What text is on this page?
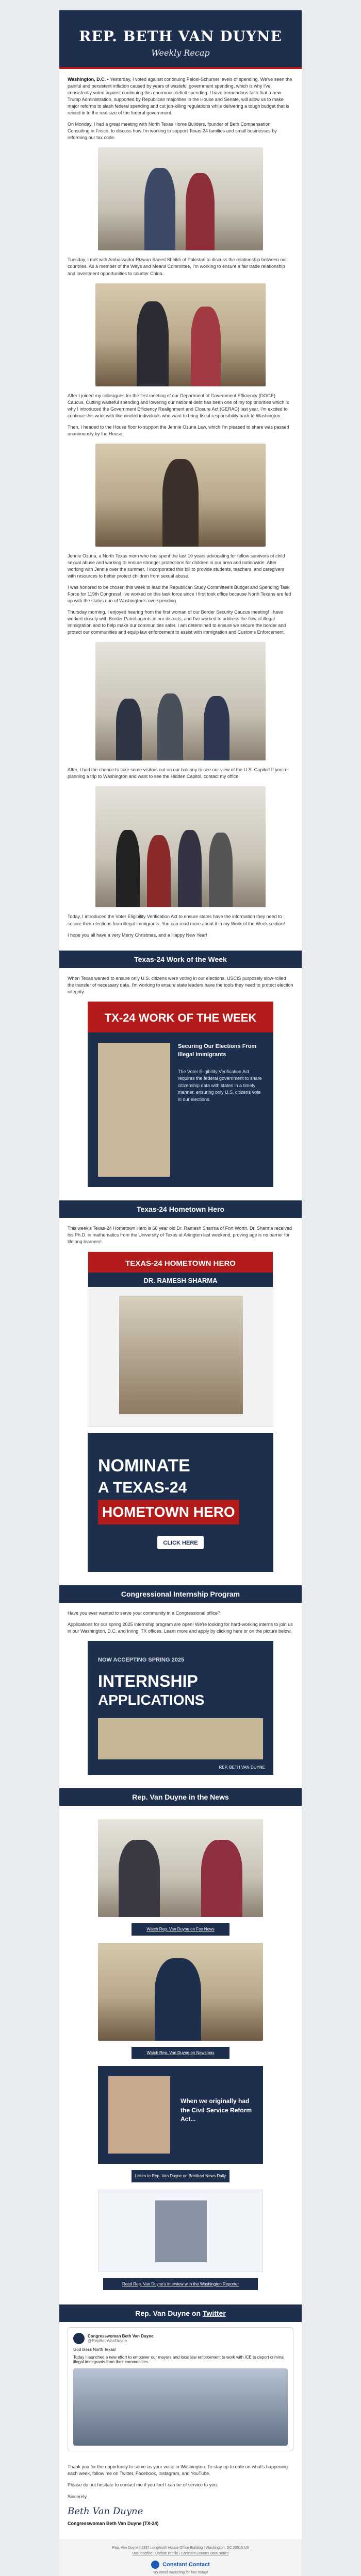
REP. BETH VAN DUYNE
Weekly Recap

Washington, D.C. - Yesterday, I voted against continuing Pelosi-Schumer levels of spending. We've seen the painful and persistent inflation caused by years of wasteful government spending, which is why I've consistently voted against continuing this enormous deficit spending. I have tremendous faith that a new Trump Administration, supported by Republican majorities in the House and Senate, will allow us to make major reforms to slash federal spending and cut job-killing regulations while delivering a tough budget that is reined in to the real size of the federal government.

On Monday, I had a great meeting with North Texas Home Builders, founder of Beth Compensation Consulting in Frisco, to discuss how I'm working to support Texas-24 families and small businesses by reforming our tax code.

Tuesday, I met with Ambassador Rizwan Saeed Sheikh of Pakistan to discuss the relationship between our countries. As a member of the Ways and Means Committee, I'm working to ensure a fair trade relationship and investment opportunities to counter China.

After I joined my colleagues for the first meeting of our Department of Government Efficiency (DOGE) Caucus. Cutting wasteful spending and lowering our national debt has been one of my top priorities which is why I introduced the Government Efficiency Realignment and Closure Act (GERAC) last year. I'm excited to continue this work with likeminded individuals who want to bring fiscal responsibility back to Washington.

Then, I headed to the House floor to support the Jennie Ozuna Law, which I'm pleased to share was passed unanimously by the House.

Jennie Ozuna, a North Texas mom who has spent the last 10 years advocating for fellow survivors of child sexual abuse and working to ensure stronger protections for children in our area and nationwide. After working with Jennie over the summer, I incorporated this bill to provide students, teachers, and caregivers with resources to better protect children from sexual abuse.

I was honored to be chosen this week to lead the Republican Study Committee's Budget and Spending Task Force for 119th Congress! I've worked on this task force since I first took office because North Texans are fed up with the status quo of Washington's overspending.

Thursday morning, I enjoyed hearing from the first woman of our Border Security Caucus meeting! I have worked closely with Border Patrol agents in our districts, and I've worked to address the flow of illegal immigration and to help make our communities safer. I am determined to ensure we secure the border and protect our communities and equip law enforcement to assist with immigration and Customs Enforcement.

After, I had the chance to take some visitors out on our balcony to see our view of the U.S. Capitol! If you're planning a trip to Washington and want to see the Hidden Capitol, contact my office!

Today, I introduced the Voter Eligibility Verification Act to ensure states have the information they need to secure their elections from illegal immigrants. You can read more about it in my Work of the Week section!

I hope you all have a very Merry Christmas, and a Happy New Year!

Texas-24 Work of the Week

When Texas wanted to ensure only U.S. citizens were voting in our elections, USCIS purposely slow-rolled the transfer of necessary data. I'm working to ensure state leaders have the tools they need to protect election integrity.

TX-24 WORK OF THE WEEK
Securing Our Elections From Illegal Immigrants
The Voter Eligibility Verification Act requires the federal government to share citizenship data with states in a timely manner, ensuring only U.S. citizens vote in our elections.
Texas-24 Hometown Hero

This week's Texas-24 Hometown Hero is 68 year old Dr. Ramesh Sharma of Fort Worth. Dr. Sharma received his Ph.D. in mathematics from the University of Texas at Arlington last weekend, proving age is no barrier for lifelong learners!

TEXAS-24 HOMETOWN HERO
DR. RAMESH SHARMA
NOMINATE
A TEXAS-24
HOMETOWN HERO
CLICK HERE
Congressional Internship Program

Have you ever wanted to serve your community in a Congressional office?

Applications for our spring 2025 internship program are open! We're looking for hard-working interns to join us in our Washington, D.C. and Irving, TX offices. Learn more and apply by clicking here or on the picture below.

NOW ACCEPTING SPRING 2025
INTERNSHIP
APPLICATIONS
REP. BETH VAN DUYNE
Rep. Van Duyne in the News
Watch Rep. Van Duyne on Fox News
Watch Rep. Van Duyne on Newsmax
When we originally had the Civil Service Reform Act...
Listen to Rep. Van Duyne on Breitbart News Daily
Read Rep. Van Duyne's interview with the Washington Reporter
Rep. Van Duyne on Twitter
Congresswoman Beth Van Duyne
@RepBethVanDuyne

God bless North Texas!

Today I launched a new effort to empower our mayors and local law enforcement to work with ICE to deport criminal illegal immigrants from their communities.

Thank you for the opportunity to serve as your voice in Washington. To stay up to date on what's happening each week, follow me on Twitter, Facebook, Instagram, and YouTube.

Please do not hesitate to contact me if you feel I can be of service to you.

Sincerely,

Beth Van Duyne

Congresswoman Beth Van Duyne (TX-24)

Rep. Van Duyne | 1337 Longworth House Office Building | Washington, DC 20515 US
Unsubscribe | Update Profile | Constant Contact Data Notice
Constant Contact
Try email marketing for free today!
